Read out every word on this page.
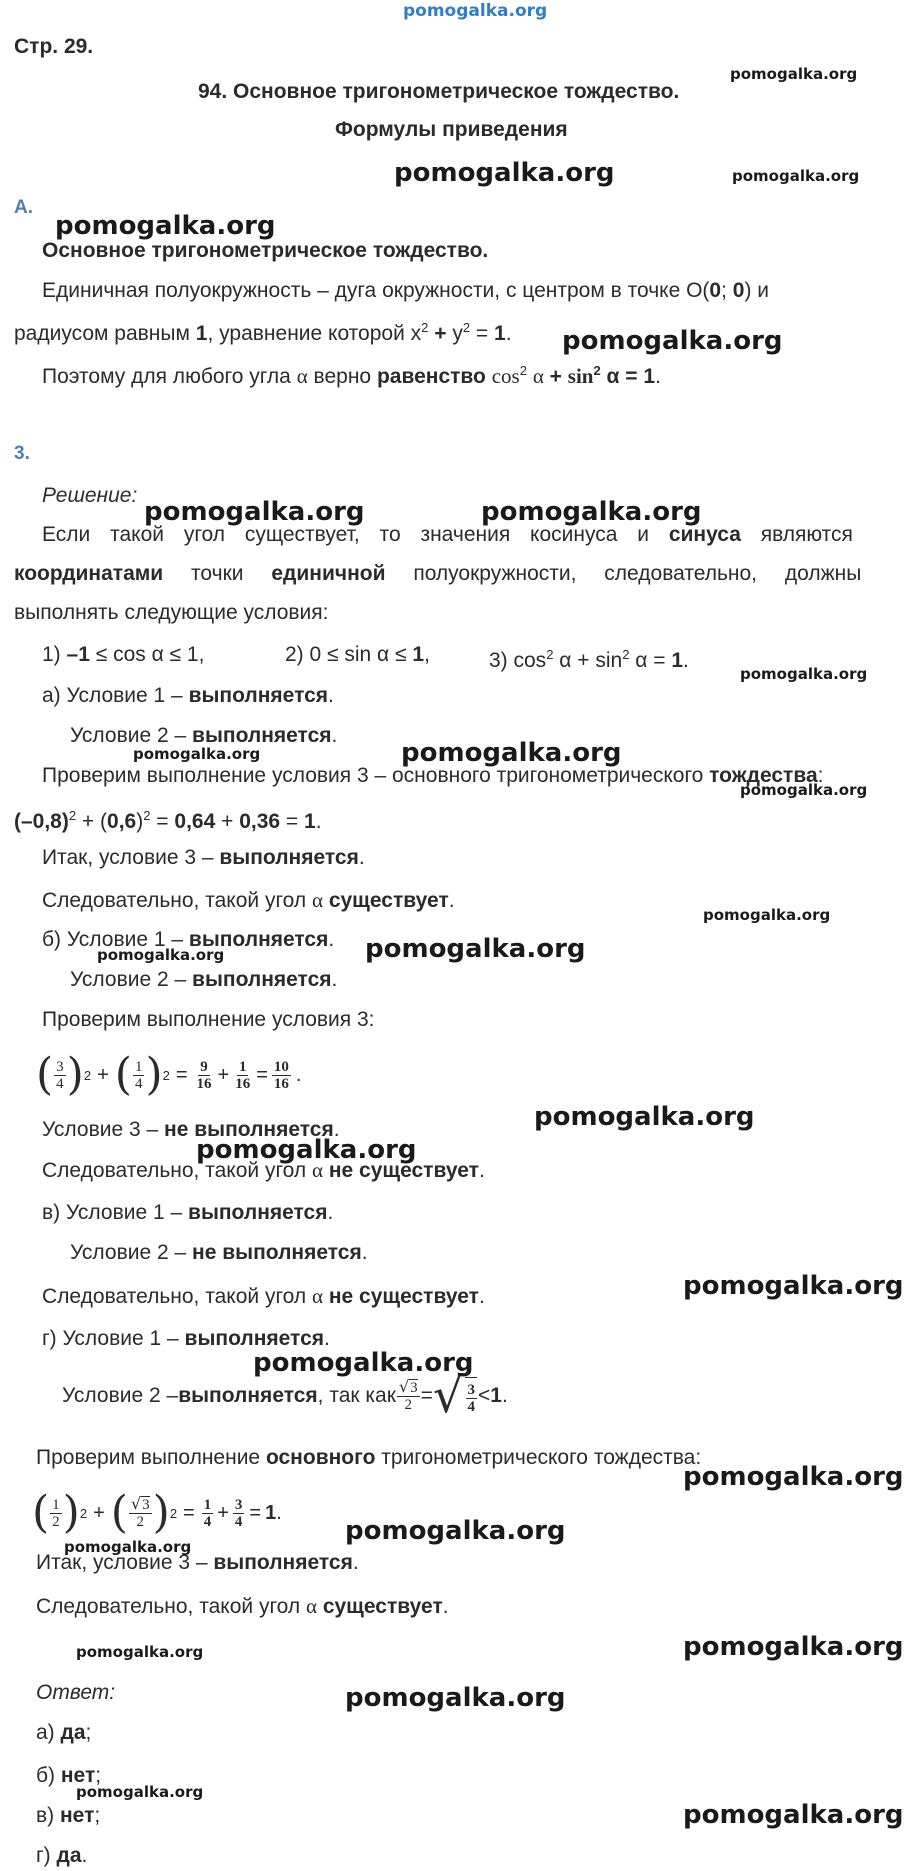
pomogalka.org
Стр. 29.
94. Основное тригонометрическое тождество.
Формулы приведения
А.
Основное тригонометрическое тождество.
Единичная полуокружность – дуга окружности, с центром в точке О(0; 0) и
радиусом равным 1, уравнение которой $х^2 + у^2 = 1$.
Поэтому для любого угла α верно равенство $\cos^2 \alpha + \sin^2 \alpha = 1$.
3.
Решение:
Если такой угол существует, то значения косинуса и синуса являются
координатами точки единичной полуокружности, следовательно, должны
выполнять следующие условия:
1) –1 ≤ cos α ≤ 1,	2) 0 ≤ sin α ≤ 1,	3) $\cos^2 \alpha + \sin^2 \alpha = 1$.
а) Условие 1 – выполняется.
Условие 2 – выполняется.
Проверим выполнение условия 3 – основного тригонометрического тождества:
$(-0,8)^2 + (0,6)^2 = 0,64 + 0,36 = 1$.
Итак, условие 3 – выполняется.
Следовательно, такой угол α существует.
б) Условие 1 – выполняется.
Условие 2 – выполняется.
Проверим выполнение условия 3:
( $\frac{3}{4}$ ) 2 + ( $\frac{1}{4}$ ) $2 = \frac{9}{16} + \frac{1}{16} = \frac{10}{16}$ .
Условие 3 – не выполняется.
Следовательно, такой угол α не существует.
в) Условие 1 – выполняется.
Условие 2 – не выполняется.
Следовательно, такой угол α не существует.
г) Условие 1 – выполняется.
Условие 2 – выполняется , так как $\frac{√3}{2}$ = √ $\frac{3}{4} < 1$ .
Проверим выполнение основного тригонометрического тождества:
( $\frac{1}{2}$ ) 2 + ( $\frac{√3}{2}$ ) $2 = \frac{1}{4} + \frac{3}{4} = 1$ .
Итак, условие 3 – выполняется.
Следовательно, такой угол α существует.
Ответ:
а) да;
б) нет;
в) нет;
г) да.
pomogalka.org
pomogalka.org	pomogalka.org
pomogalka.org
pomogalka.org
pomogalka.org	pomogalka.org
pomogalka.org
pomogalka.org	pomogalka.org
pomogalka.org
pomogalka.org
pomogalka.org	pomogalka.org
pomogalka.org
pomogalka.org
pomogalka.org
pomogalka.org
pomogalka.org
pomogalka.org
pomogalka.org
pomogalka.org	pomogalka.org
pomogalka.org
pomogalka.org
pomogalka.org
